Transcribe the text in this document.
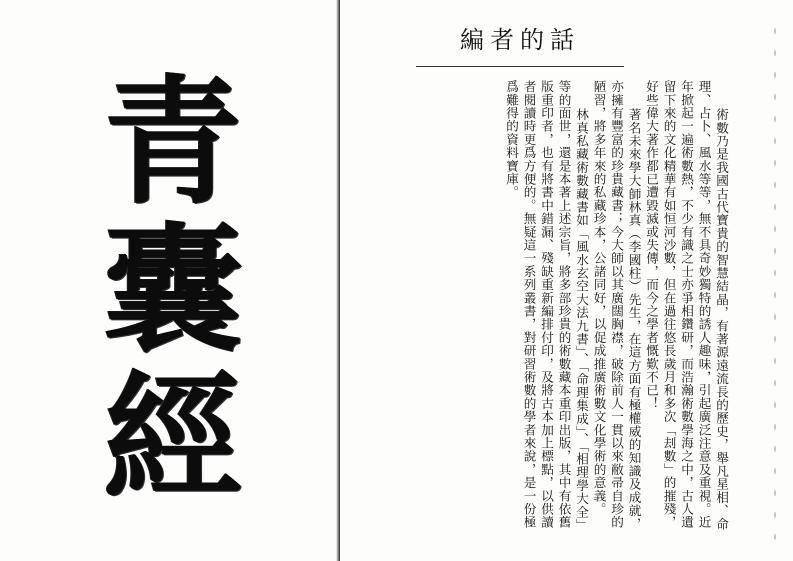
青
囊
經
編者的話

術數乃是我國古代寶貴的智慧結晶，有著源遠流長的歷史，舉凡星相、命理、占卜、風水等等，無不具奇妙獨特的誘人趣味，引起廣泛注意及重視。近年掀起一遍術數熱，不少有識之士亦爭相鑽研，而浩瀚術數學海之中，古人遺留下來的文化精華有如恒河沙數，但在過往悠長歲月和多次「刦數」的摧殘，好些偉大著作都已遭毀滅或失傳，而今之學者慨歎不已！

著名未來學大師林真（李國柱）先生，在這方面有極權威的知識及成就，亦擁有豐富的珍貴藏書；今大師以其廣闊胸襟，破除前人一貫以來敝帚自珍的陋習，將多年來的私藏珍本，公諸同好，以促成推廣術數文化學術的意義。

林真私藏術數藏書如「風水玄空大法九書」、「命理集成」、「相理學大全」等的面世，還是本著上述宗旨，將多部珍貴的術數藏本重印出版，其中有依舊版重印者，也有將書中錯漏、殘缺重新編排付印，及將古本加上標點，以供讀者閱讀時更爲方便的。無疑這一系列叢書，對研習術數的學者來說，是一份極爲難得的資料寶庫。
